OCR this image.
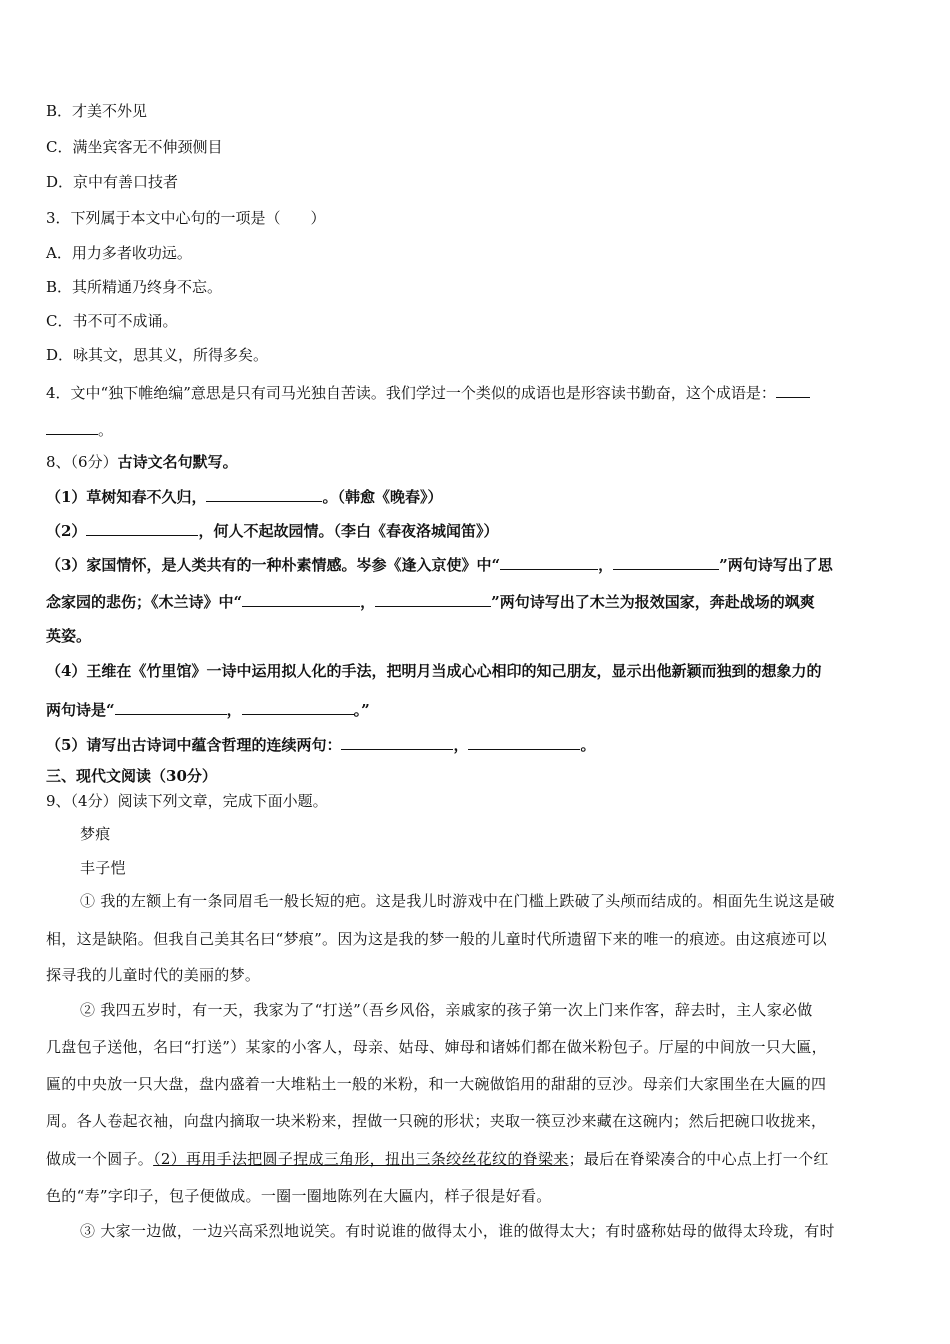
B．才美不外见
C．满坐宾客无不伸颈侧目
D．京中有善口技者
3．下列属于本文中心句的一项是（　　）
A．用力多者收功远。
B．其所精通乃终身不忘。
C．书不可不成诵。
D．咏其文，思其义，所得多矣。
4．文中“独下帷绝编”意思是只有司马光独自苦读。我们学过一个类似的成语也是形容读书勤奋，这个成语是：
。
8、（6分）古诗文名句默写。
（1）草树知春不久归，	。（韩愈《晚春》）
（2）	，何人不起故园情。（李白《春夜洛城闻笛》）
（3）家国情怀，是人类共有的一种朴素情感。岑参《逢入京使》中“	，	”两句诗写出了思
念家园的悲伤；《木兰诗》中“	，	”两句诗写出了木兰为报效国家，奔赴战场的飒爽
英姿。
（4）王维在《竹里馆》一诗中运用拟人化的手法，把明月当成心心相印的知己朋友，显示出他新颖而独到的想象力的
两句诗是“	，	。”
（5）请写出古诗词中蕴含哲理的连续两句：	，	。
三、现代文阅读（30分）
9、（4分）阅读下列文章，完成下面小题。
梦痕
丰子恺
① 我的左额上有一条同眉毛一般长短的疤。这是我儿时游戏中在门槛上跌破了头颅而结成的。相面先生说这是破
相，这是缺陷。但我自己美其名曰“梦痕”。因为这是我的梦一般的儿童时代所遗留下来的唯一的痕迹。由这痕迹可以
探寻我的儿童时代的美丽的梦。
② 我四五岁时，有一天，我家为了“打送”（吾乡风俗，亲戚家的孩子第一次上门来作客，辞去时，主人家必做
几盘包子送他，名曰“打送”）某家的小客人，母亲、姑母、婶母和诸姊们都在做米粉包子。厅屋的中间放一只大匾，
匾的中央放一只大盘，盘内盛着一大堆粘土一般的米粉，和一大碗做馅用的甜甜的豆沙。母亲们大家围坐在大匾的四
周。各人卷起衣袖，向盘内摘取一块米粉来，捏做一只碗的形状；夹取一筷豆沙来藏在这碗内；然后把碗口收拢来，
做成一个圆子。（2）再用手法把圆子捏成三角形，扭出三条绞丝花纹的脊梁来；最后在脊梁凑合的中心点上打一个红
色的“寿”字印子，包子便做成。一圈一圈地陈列在大匾内，样子很是好看。
③ 大家一边做，一边兴高采烈地说笑。有时说谁的做得太小，谁的做得太大；有时盛称姑母的做得太玲珑，有时
